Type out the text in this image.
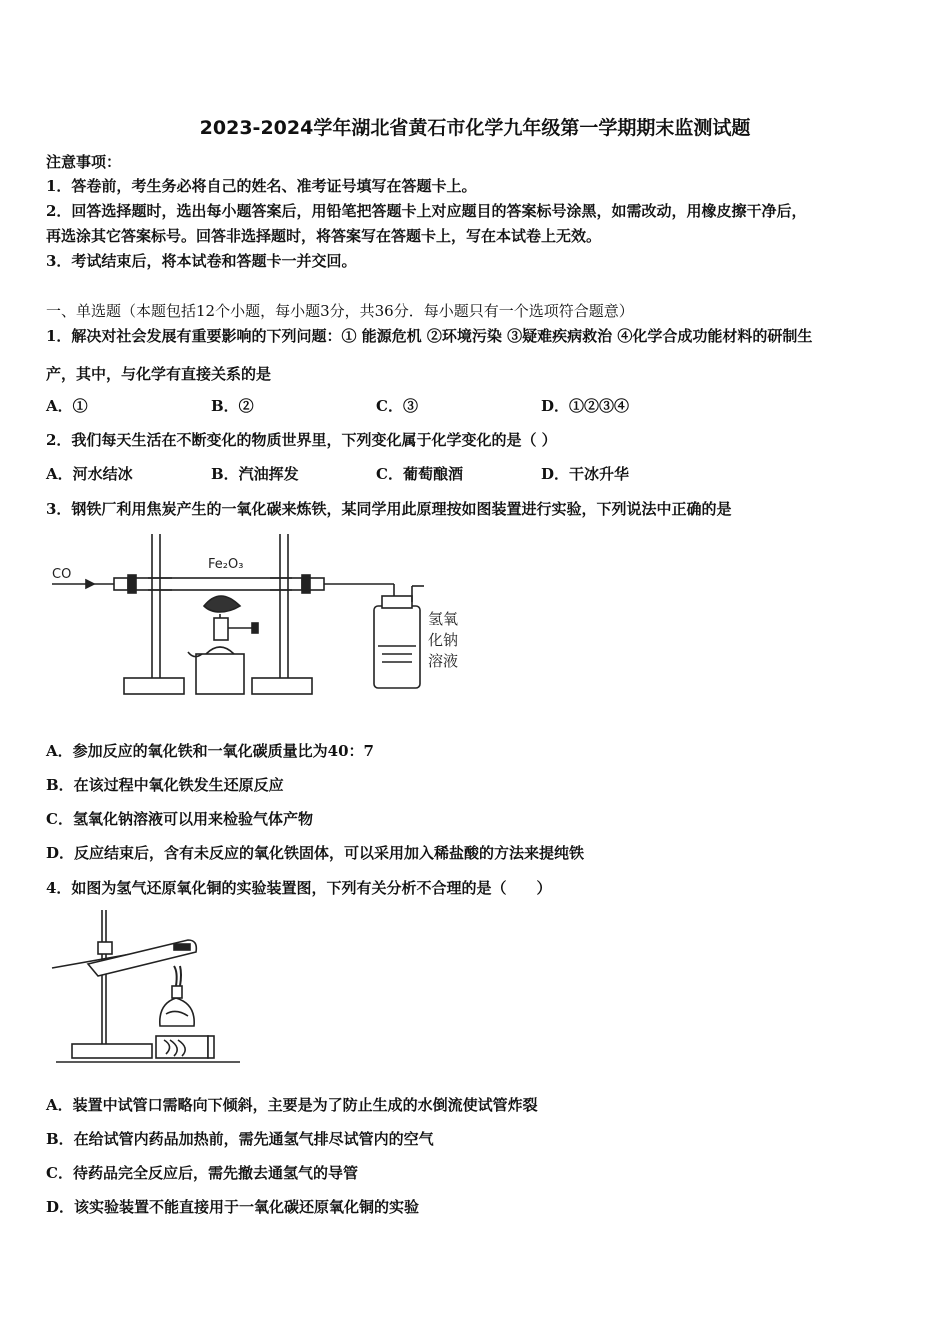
2023-2024学年湖北省黄石市化学九年级第一学期期末监测试题
注意事项：
1．答卷前，考生务必将自己的姓名、准考证号填写在答题卡上。
2．回答选择题时，选出每小题答案后，用铅笔把答题卡上对应题目的答案标号涂黑，如需改动，用橡皮擦干净后，
再选涂其它答案标号。回答非选择题时，将答案写在答题卡上，写在本试卷上无效。
3．考试结束后，将本试卷和答题卡一并交回。
一、单选题（本题包括12个小题，每小题3分，共36分．每小题只有一个选项符合题意）
1．解决对社会发展有重要影响的下列问题：① 能源危机 ②环境污染 ③疑难疾病救治 ④化学合成功能材料的研制生
产，其中，与化学有直接关系的是
A．①	B．②	C．③	D．①②③④
2．我们每天生活在不断变化的物质世界里，下列变化属于化学变化的是（ ）
A．河水结冰	B．汽油挥发	C．葡萄酿酒	D．干冰升华
3．钢铁厂利用焦炭产生的一氧化碳来炼铁，某同学用此原理按如图装置进行实验，下列说法中正确的是
CO
Fe₂O₃
氢氧
化钠
溶液
A．参加反应的氧化铁和一氧化碳质量比为40：7
B．在该过程中氧化铁发生还原反应
C．氢氧化钠溶液可以用来检验气体产物
D．反应结束后，含有未反应的氧化铁固体，可以采用加入稀盐酸的方法来提纯铁
4．如图为氢气还原氧化铜的实验装置图，下列有关分析不合理的是（　　）
A．装置中试管口需略向下倾斜，主要是为了防止生成的水倒流使试管炸裂
B．在给试管内药品加热前，需先通氢气排尽试管内的空气
C．待药品完全反应后，需先撤去通氢气的导管
D．该实验装置不能直接用于一氧化碳还原氧化铜的实验
